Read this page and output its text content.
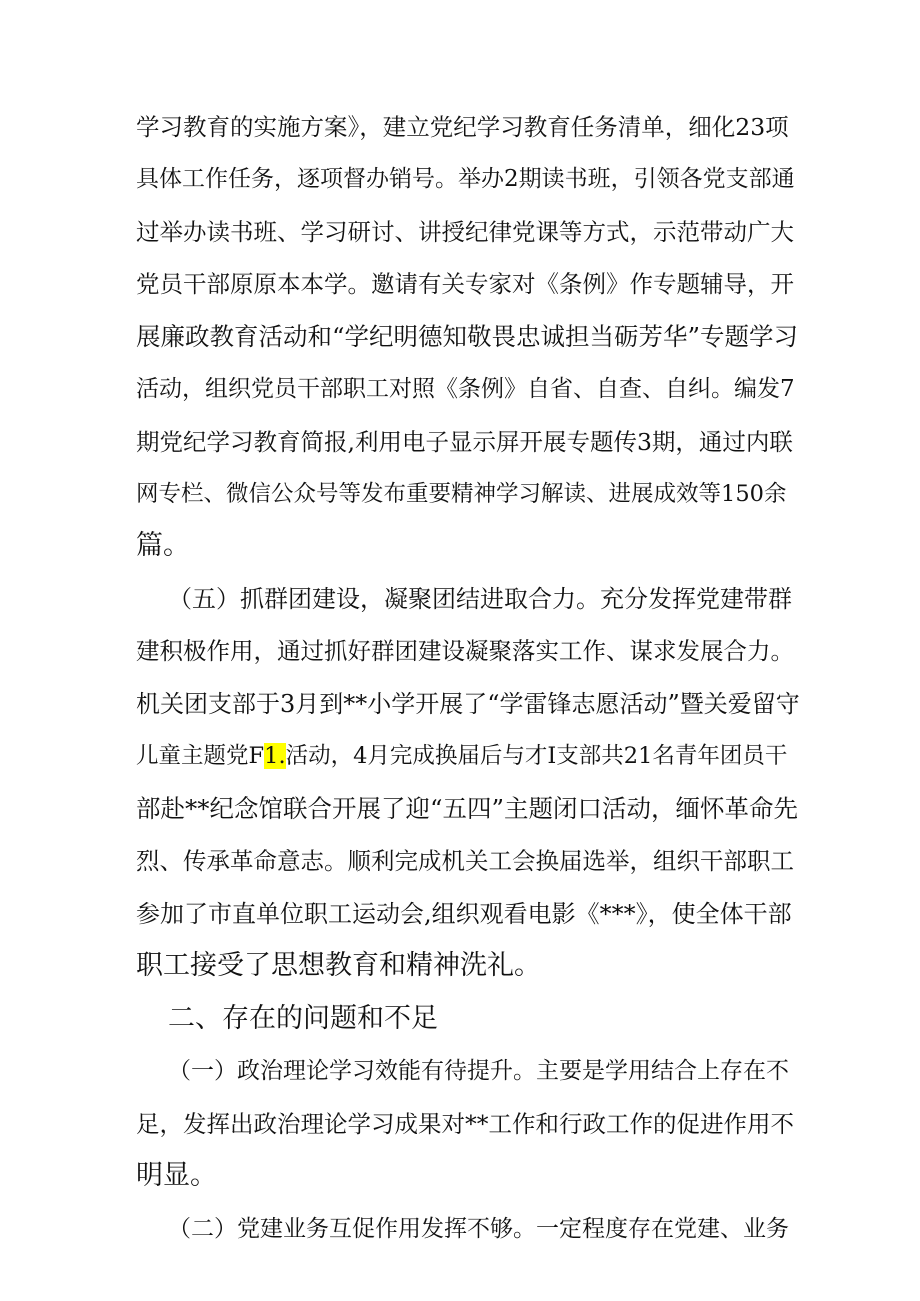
学习教育的实施方案》，建立党纪学习教育任务清单，细化23项
具体工作任务，逐项督办销号。举办2期读书班，引领各党支部通
过举办读书班、学习研讨、讲授纪律党课等方式，示范带动广大
党员干部原原本本学。邀请有关专家对《条例》作专题辅导，开
展廉政教育活动和“学纪明德知敬畏忠诚担当砺芳华”专题学习
活动，组织党员干部职工对照《条例》自省、自查、自纠。编发7
期党纪学习教育简报,利用电子显示屏开展专题传3期，通过内联
网专栏、微信公众号等发布重要精神学习解读、进展成效等150余
篇。
（五）抓群团建设，凝聚团结进取合力。充分发挥党建带群
建积极作用，通过抓好群团建设凝聚落实工作、谋求发展合力。
机关团支部于3月到**小学开展了“学雷锋志愿活动”暨关爱留守
儿童主题党F1.活动，4月完成换届后与才I支部共21名青年团员干
部赴**纪念馆联合开展了迎“五四”主题闭口活动，缅怀革命先
烈、传承革命意志。顺利完成机关工会换届选举，组织干部职工
参加了市直单位职工运动会,组织观看电影《***》，使全体干部
职工接受了思想教育和精神洗礼。
二、存在的问题和不足
（一）政治理论学习效能有待提升。主要是学用结合上存在不
足，发挥出政治理论学习成果对**工作和行政工作的促进作用不
明显。
（二）党建业务互促作用发挥不够。一定程度存在党建、业务
